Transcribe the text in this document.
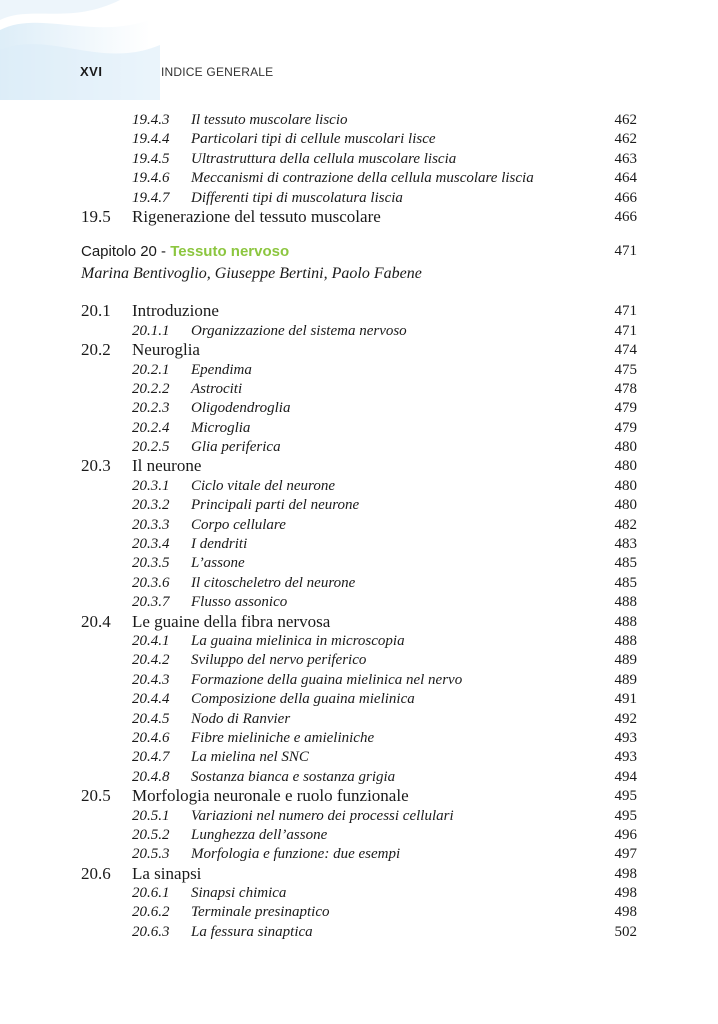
XVI	INDICE GENERALE
19.4.3 Il tessuto muscolare liscio	462
19.4.4 Particolari tipi di cellule muscolari lisce	462
19.4.5 Ultrastruttura della cellula muscolare liscia	463
19.4.6 Meccanismi di contrazione della cellula muscolare liscia	464
19.4.7 Differenti tipi di muscolatura liscia	466
19.5 Rigenerazione del tessuto muscolare	466
Capitolo 20 - Tessuto nervoso	471
Marina Bentivoglio, Giuseppe Bertini, Paolo Fabene
20.1 Introduzione	471
20.1.1 Organizzazione del sistema nervoso	471
20.2 Neuroglia	474
20.2.1 Ependima	475
20.2.2 Astrociti	478
20.2.3 Oligodendroglia	479
20.2.4 Microglia	479
20.2.5 Glia periferica	480
20.3 Il neurone	480
20.3.1 Ciclo vitale del neurone	480
20.3.2 Principali parti del neurone	480
20.3.3 Corpo cellulare	482
20.3.4 I dendriti	483
20.3.5 L’assone	485
20.3.6 Il citoscheletro del neurone	485
20.3.7 Flusso assonico	488
20.4 Le guaine della fibra nervosa	488
20.4.1 La guaina mielinica in microscopia	488
20.4.2 Sviluppo del nervo periferico	489
20.4.3 Formazione della guaina mielinica nel nervo	489
20.4.4 Composizione della guaina mielinica	491
20.4.5 Nodo di Ranvier	492
20.4.6 Fibre mieliniche e amieliniche	493
20.4.7 La mielina nel SNC	493
20.4.8 Sostanza bianca e sostanza grigia	494
20.5 Morfologia neuronale e ruolo funzionale	495
20.5.1 Variazioni nel numero dei processi cellulari	495
20.5.2 Lunghezza dell’assone	496
20.5.3 Morfologia e funzione: due esempi	497
20.6 La sinapsi	498
20.6.1 Sinapsi chimica	498
20.6.2 Terminale presinaptico	498
20.6.3 La fessura sinaptica	502
